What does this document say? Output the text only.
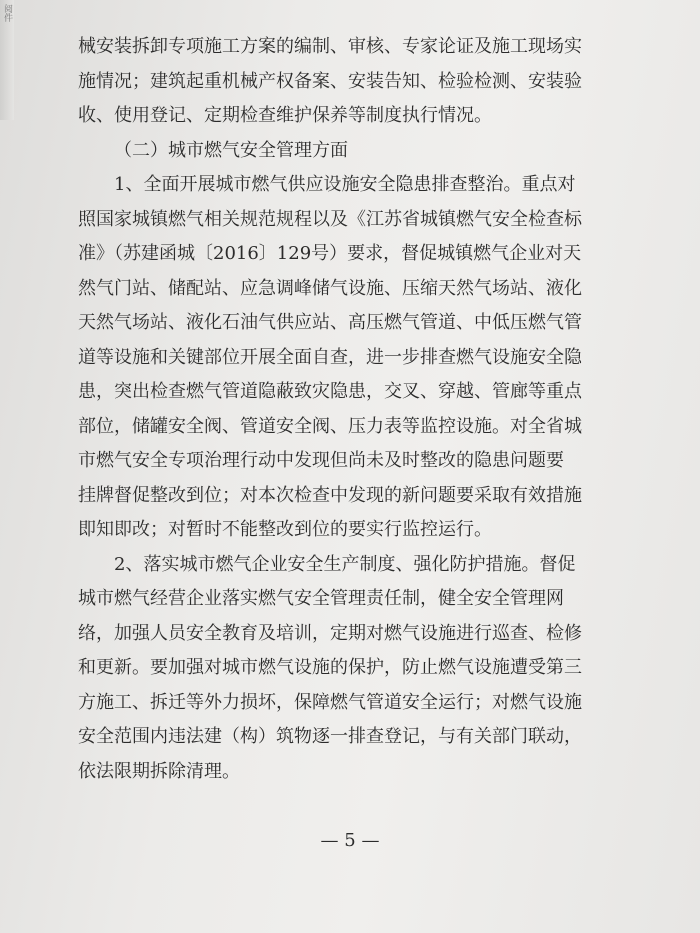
阅件
械安装拆卸专项施工方案的编制、审核、专家论证及施工现场实
施情况；建筑起重机械产权备案、安装告知、检验检测、安装验
收、使用登记、定期检查维护保养等制度执行情况。
（二）城市燃气安全管理方面
1、全面开展城市燃气供应设施安全隐患排查整治。重点对
照国家城镇燃气相关规范规程以及《江苏省城镇燃气安全检查标
准》（苏建函城〔2016〕129号）要求，督促城镇燃气企业对天
然气门站、储配站、应急调峰储气设施、压缩天然气场站、液化
天然气场站、液化石油气供应站、高压燃气管道、中低压燃气管
道等设施和关键部位开展全面自查，进一步排查燃气设施安全隐
患，突出检查燃气管道隐蔽致灾隐患，交叉、穿越、管廊等重点
部位，储罐安全阀、管道安全阀、压力表等监控设施。对全省城
市燃气安全专项治理行动中发现但尚未及时整改的隐患问题要
挂牌督促整改到位；对本次检查中发现的新问题要采取有效措施
即知即改；对暂时不能整改到位的要实行监控运行。
2、落实城市燃气企业安全生产制度、强化防护措施。督促
城市燃气经营企业落实燃气安全管理责任制，健全安全管理网
络，加强人员安全教育及培训，定期对燃气设施进行巡查、检修
和更新。要加强对城市燃气设施的保护，防止燃气设施遭受第三
方施工、拆迁等外力损坏，保障燃气管道安全运行；对燃气设施
安全范围内违法建（构）筑物逐一排查登记，与有关部门联动，
依法限期拆除清理。
— 5 —
